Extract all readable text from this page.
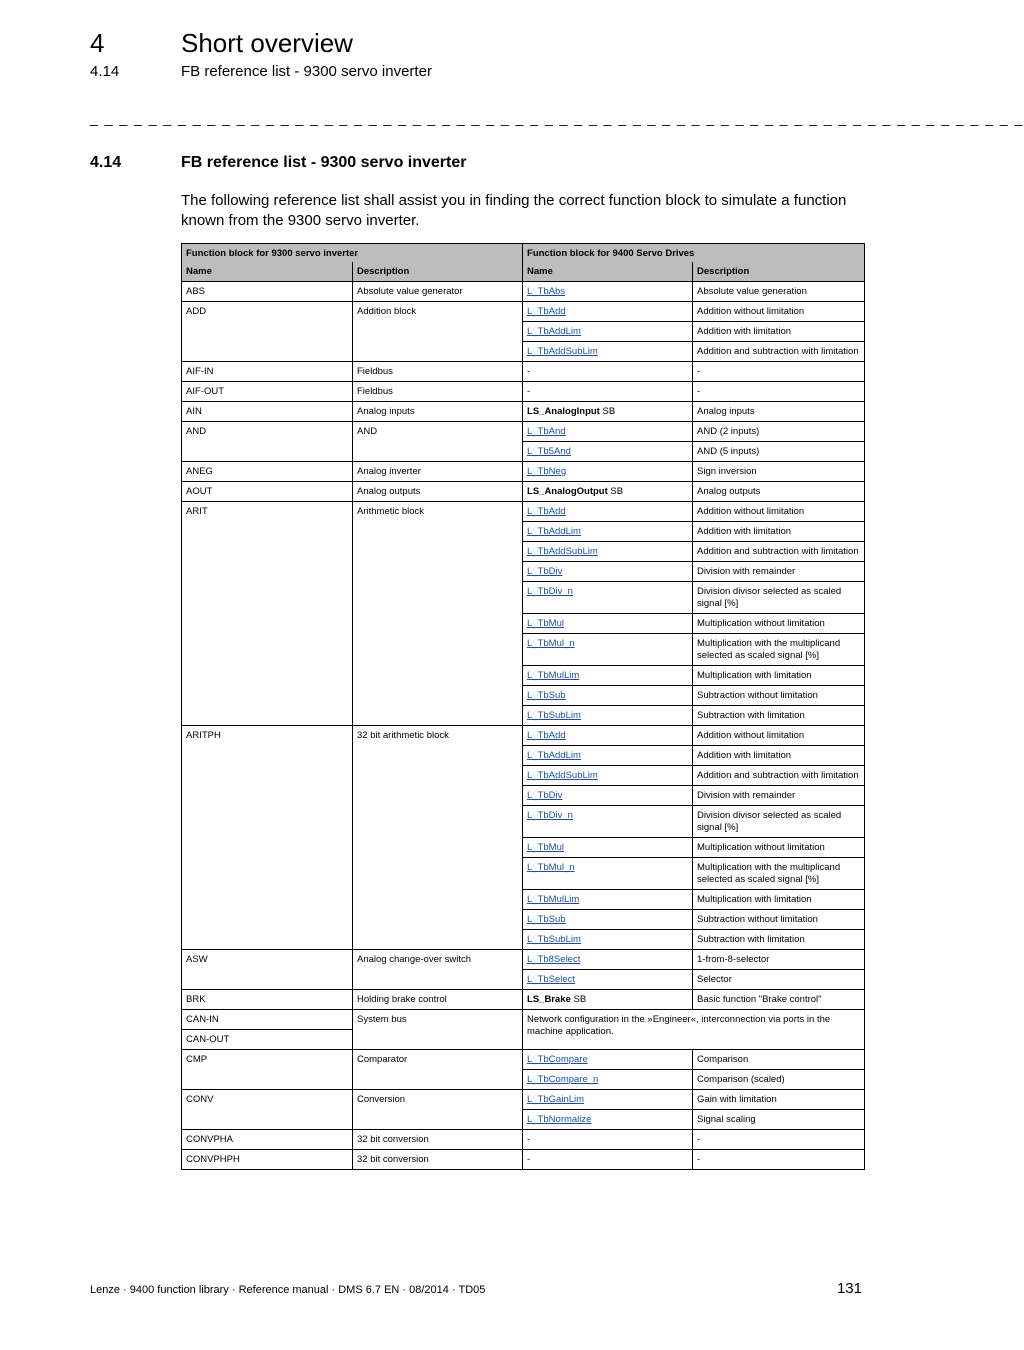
4	Short overview
4.14	FB reference list - 9300 servo inverter
_ _ _ _ _ _ _ _ _ _ _ _ _ _ _ _ _ _ _ _ _ _ _ _ _ _ _ _ _ _ _ _ _ _ _ _ _ _ _ _ _ _ _ _ _ _ _ _ _ _ _ _ _ _ _ _ _ _ _ _ _ _ _ _
4.14	FB reference list - 9300 servo inverter

The following reference list shall assist you in finding the correct function block to simulate a function known from the 9300 servo inverter.

Function block for 9300 servo inverter		Function block for 9400 Servo Drives	
Name	Description	Name	Description
ABS	Absolute value generator	L_TbAbs	Absolute value generation
ADD	Addition block	L_TbAdd	Addition without limitation
		L_TbAddLim	Addition with limitation
		L_TbAddSubLim	Addition and subtraction with limitation
AIF-IN	Fieldbus	-	-
AIF-OUT	Fieldbus	-	-
AIN	Analog inputs	LS_AnalogInput SB	Analog inputs
AND	AND	L_TbAnd	AND (2 inputs)
		L_Tb5And	AND (5 inputs)
ANEG	Analog inverter	L_TbNeg	Sign inversion
AOUT	Analog outputs	LS_AnalogOutput SB	Analog outputs
ARIT	Arithmetic block	L_TbAdd	Addition without limitation
		L_TbAddLim	Addition with limitation
		L_TbAddSubLim	Addition and subtraction with limitation
		L_TbDiv	Division with remainder
		L_TbDiv_n	Division divisor selected as scaled signal [%]
		L_TbMul	Multiplication without limitation
		L_TbMul_n	Multiplication with the multiplicand selected as scaled signal [%]
		L_TbMulLim	Multiplication with limitation
		L_TbSub	Subtraction without limitation
		L_TbSubLim	Subtraction with limitation
ARITPH	32 bit arithmetic block	L_TbAdd	Addition without limitation
		L_TbAddLim	Addition with limitation
		L_TbAddSubLim	Addition and subtraction with limitation
		L_TbDiv	Division with remainder
		L_TbDiv_n	Division divisor selected as scaled signal [%]
		L_TbMul	Multiplication without limitation
		L_TbMul_n	Multiplication with the multiplicand selected as scaled signal [%]
		L_TbMulLim	Multiplication with limitation
		L_TbSub	Subtraction without limitation
		L_TbSubLim	Subtraction with limitation
ASW	Analog change-over switch	L_Tb8Select	1-from-8-selector
		L_TbSelect	Selector
BRK	Holding brake control	LS_Brake SB	Basic function "Brake control"
CAN-IN	System bus	Network configuration in the »Engineer«, interconnection via ports in the machine application.	
CAN-OUT			
CMP	Comparator	L_TbCompare	Comparison
		L_TbCompare_n	Comparison (scaled)
CONV	Conversion	L_TbGainLim	Gain with limitation
		L_TbNormalize	Signal scaling
CONVPHA	32 bit conversion	-	-
CONVPHPH	32 bit conversion	-	-
Lenze · 9400 function library · Reference manual · DMS 6.7 EN · 08/2014 · TD05	131
